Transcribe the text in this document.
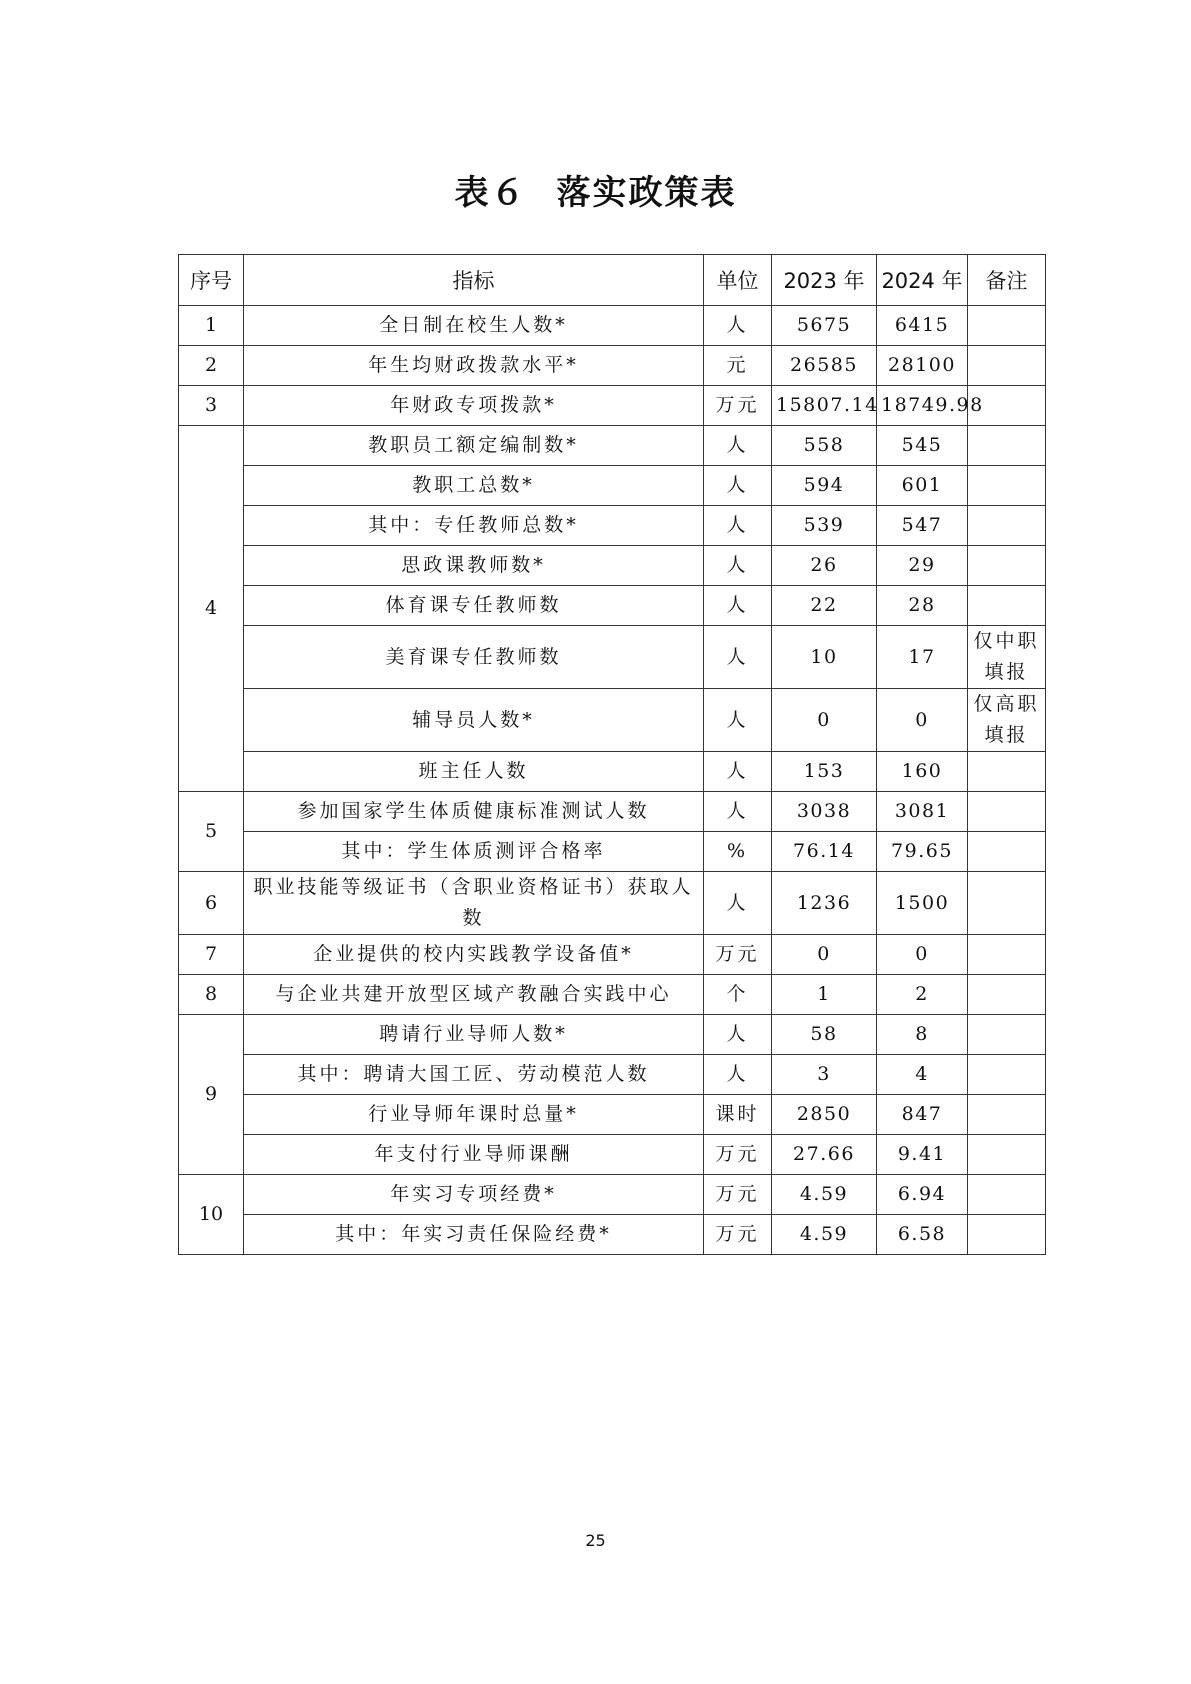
表６ 落实政策表
序号	指标	单位	2023 年	2024 年	备注
1	全日制在校生人数*	人	5675	6415	
2	年生均财政拨款水平*	元	26585	28100	
3	年财政专项拨款*	万元	15807.14	18749.98	
4	教职员工额定编制数*	人	558	545	
	教职工总数*	人	594	601	
	其中：专任教师总数*	人	539	547	
	思政课教师数*	人	26	29	
	体育课专任教师数	人	22	28	
	美育课专任教师数	人	10	17	仅中职填报
	辅导员人数*	人	0	0	仅高职填报
	班主任人数	人	153	160	
5	参加国家学生体质健康标准测试人数	人	3038	3081	
	其中：学生体质测评合格率	%	76.14	79.65	
6	职业技能等级证书（含职业资格证书）获取人数	人	1236	1500	
7	企业提供的校内实践教学设备值*	万元	0	0	
8	与企业共建开放型区域产教融合实践中心	个	1	2	
9	聘请行业导师人数*	人	58	8	
	其中：聘请大国工匠、劳动模范人数	人	3	4	
	行业导师年课时总量*	课时	2850	847	
	年支付行业导师课酬	万元	27.66	9.41	
10	年实习专项经费*	万元	4.59	6.94	
	其中：年实习责任保险经费*	万元	4.59	6.58	
25
